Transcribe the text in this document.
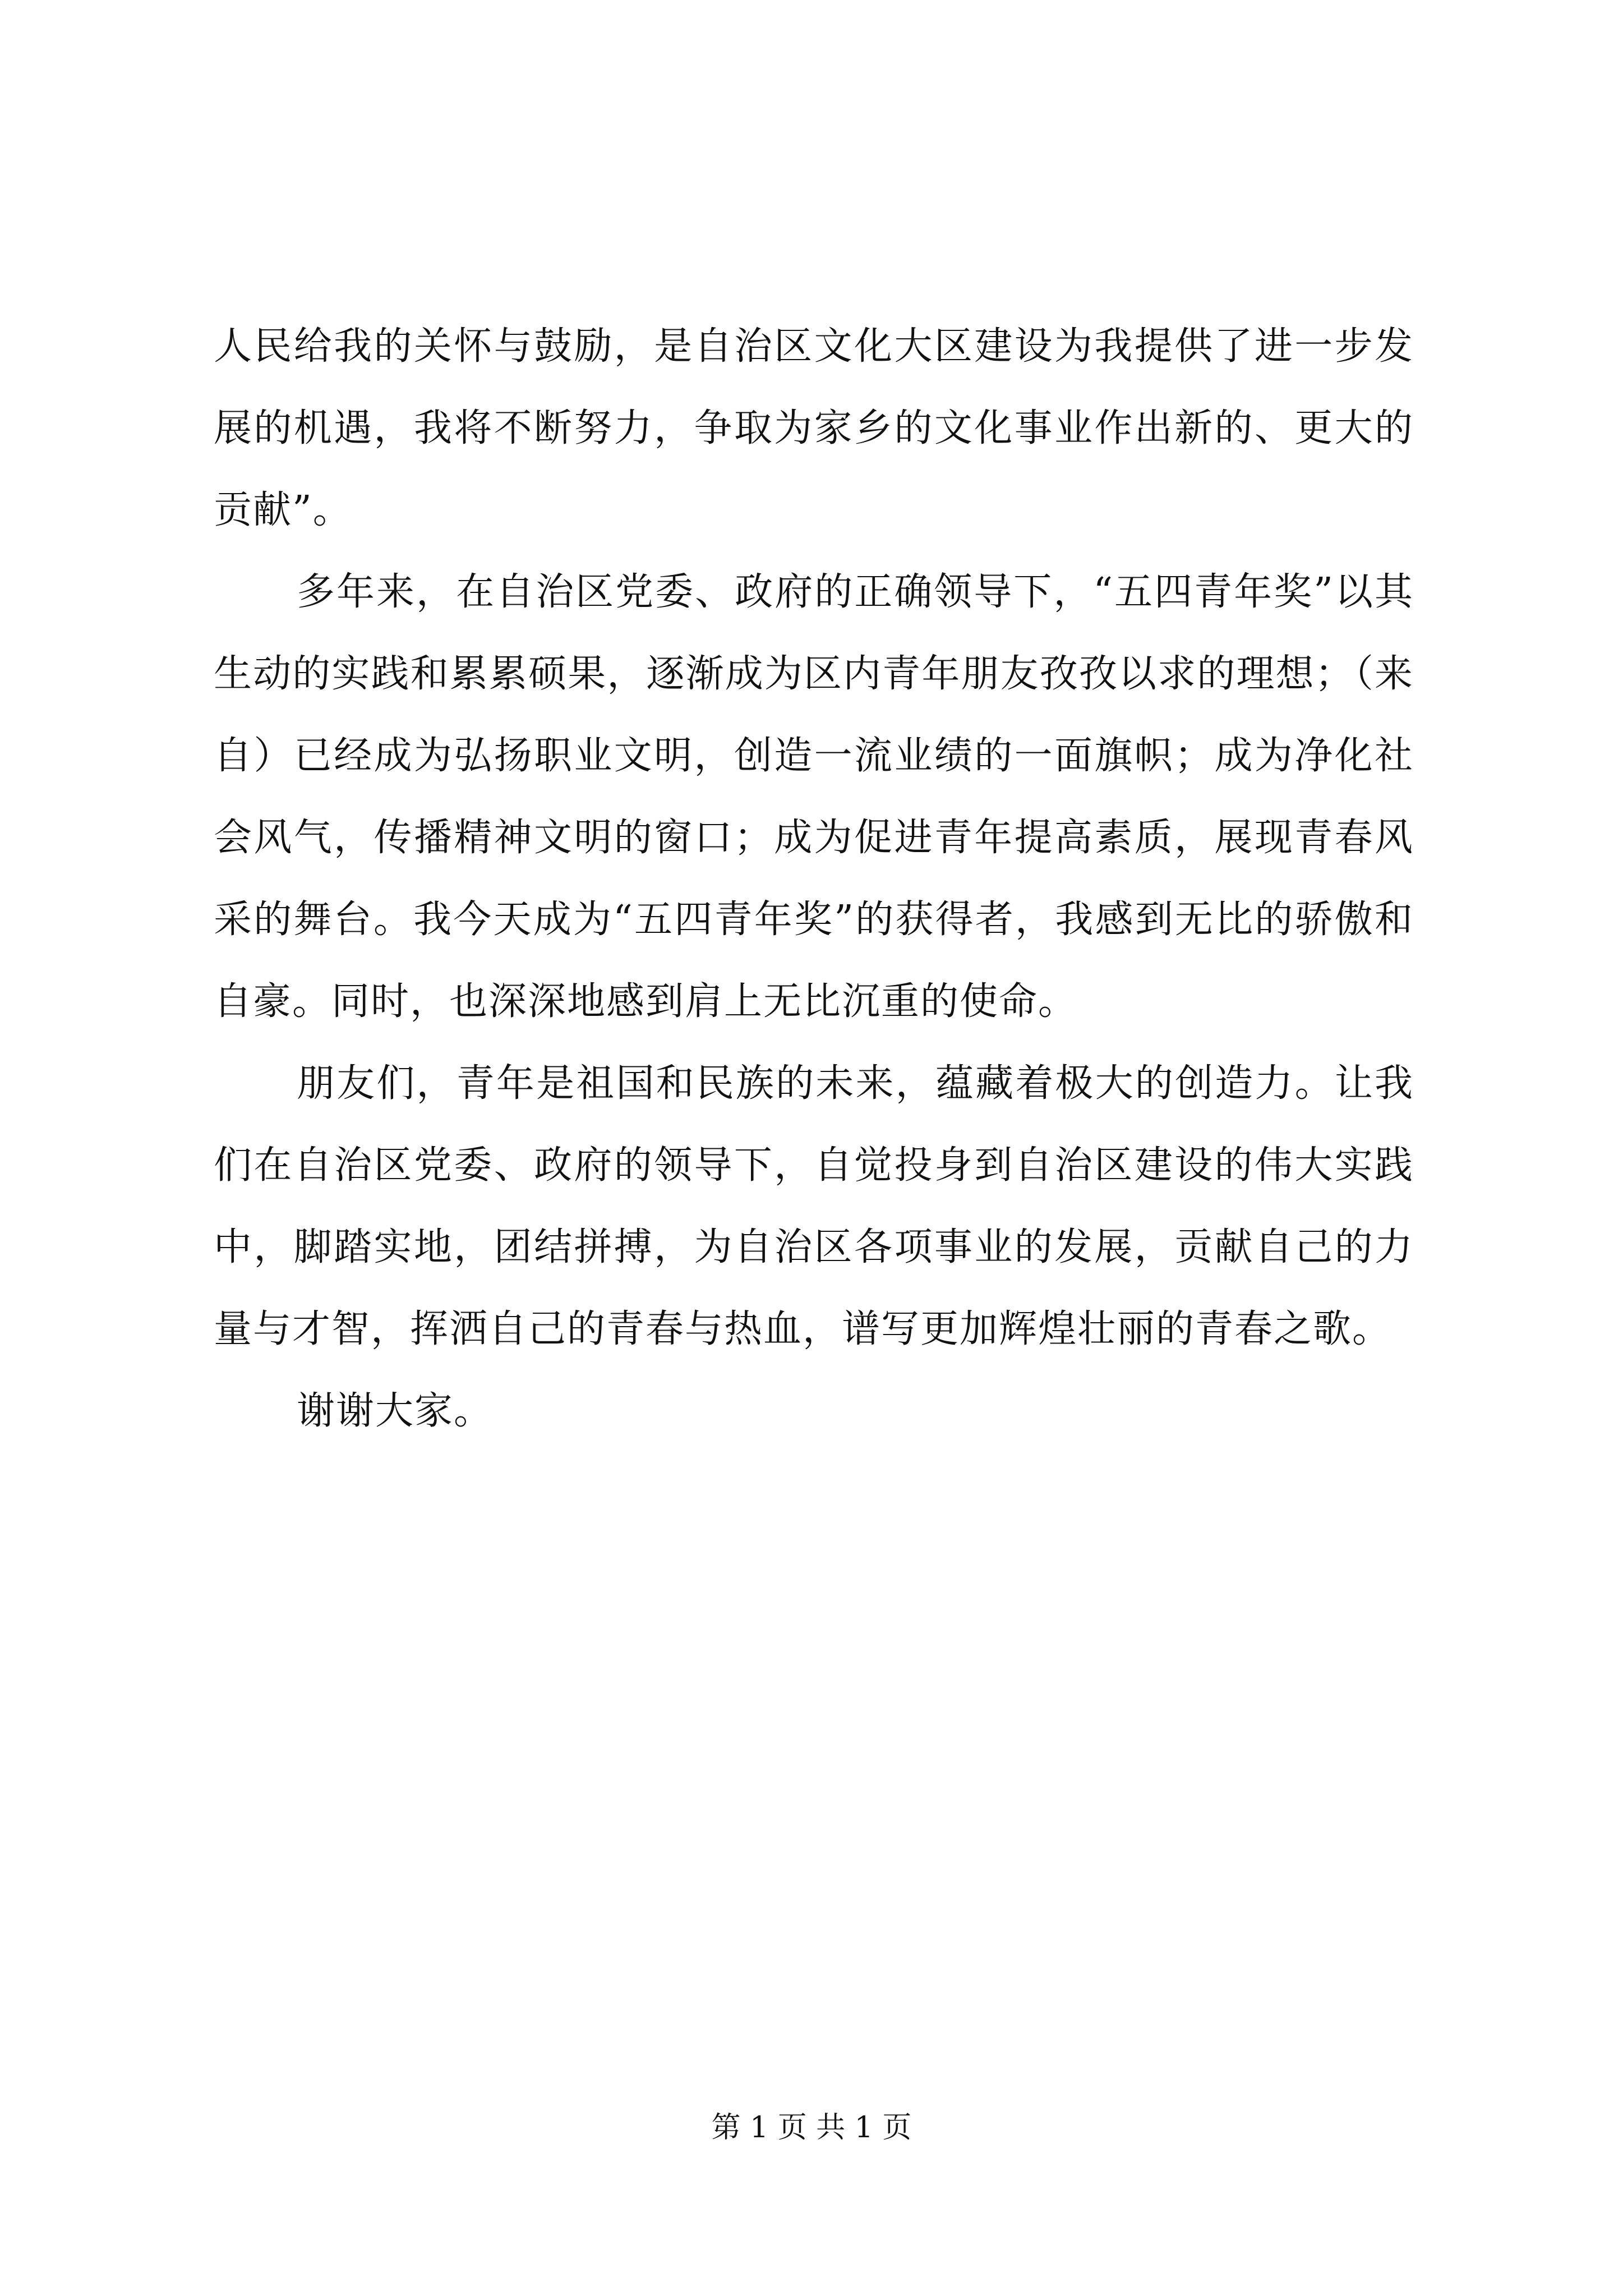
人民给我的关怀与鼓励，是自治区文化大区建设为我提供了进一步发展的机遇，我将不断努力，争取为家乡的文化事业作出新的、更大的贡献”。

多年来，在自治区党委、政府的正确领导下，“五四青年奖”以其生动的实践和累累硕果，逐渐成为区内青年朋友孜孜以求的理想；（来自）已经成为弘扬职业文明，创造一流业绩的一面旗帜；成为净化社会风气，传播精神文明的窗口；成为促进青年提高素质，展现青春风采的舞台。我今天成为“五四青年奖”的获得者，我感到无比的骄傲和自豪。同时，也深深地感到肩上无比沉重的使命。

朋友们，青年是祖国和民族的未来，蕴藏着极大的创造力。让我们在自治区党委、政府的领导下，自觉投身到自治区建设的伟大实践中，脚踏实地，团结拼搏，为自治区各项事业的发展，贡献自己的力量与才智，挥洒自己的青春与热血，谱写更加辉煌壮丽的青春之歌。

谢谢大家。

第 1 页 共 1 页
